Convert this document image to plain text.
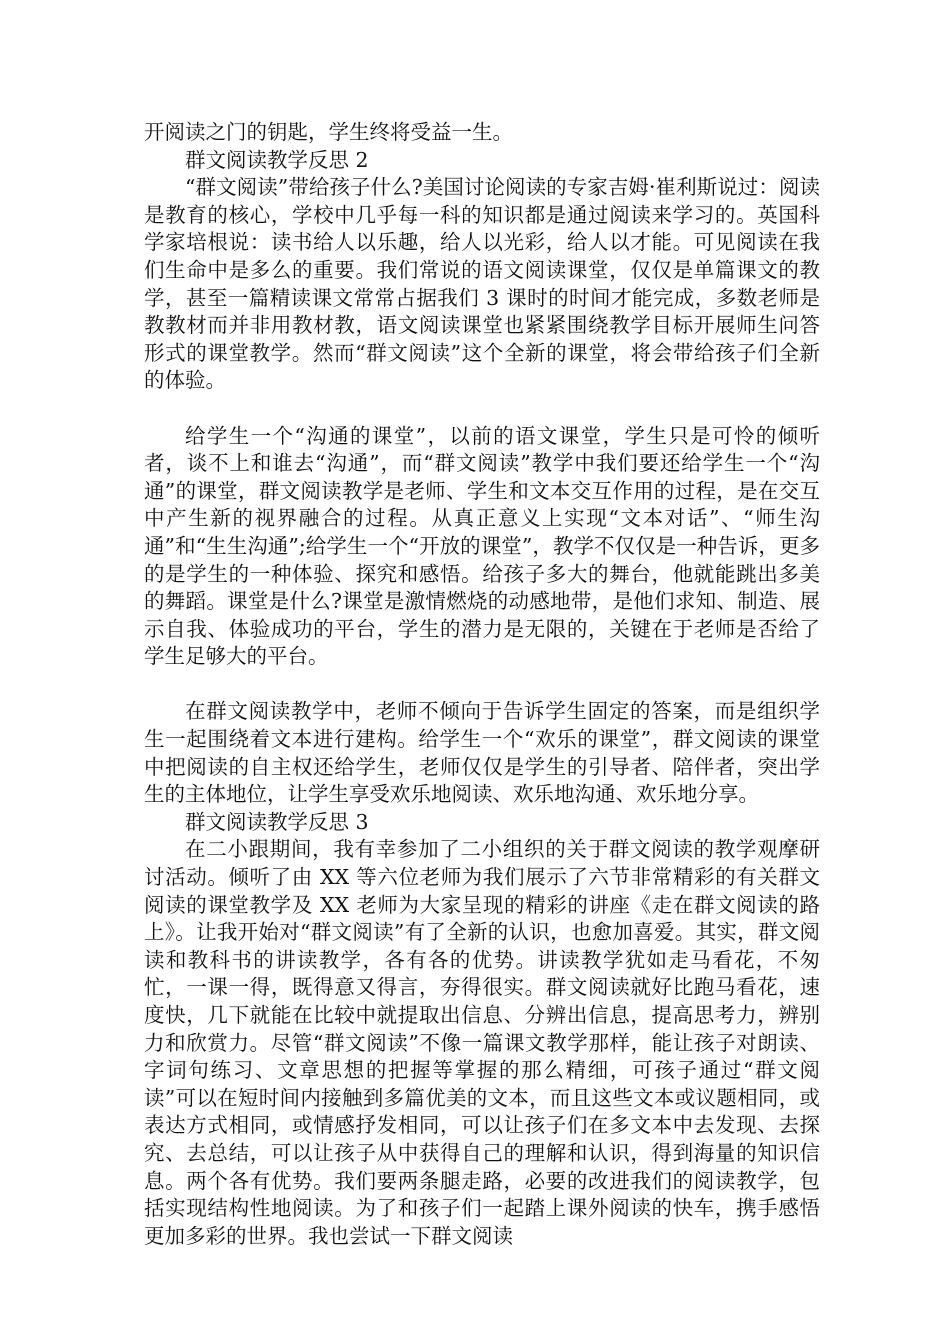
开阅读之门的钥匙，学生终将受益一生。

群文阅读教学反思 2

“群文阅读”带给孩子什么?美国讨论阅读的专家吉姆·崔利斯说过：阅读是教育的核心，学校中几乎每一科的知识都是通过阅读来学习的。英国科学家培根说：读书给人以乐趣，给人以光彩，给人以才能。可见阅读在我们生命中是多么的重要。我们常说的语文阅读课堂，仅仅是单篇课文的教学，甚至一篇精读课文常常占据我们 3 课时的时间才能完成，多数老师是教教材而并非用教材教，语文阅读课堂也紧紧围绕教学目标开展师生问答形式的课堂教学。然而“群文阅读”这个全新的课堂，将会带给孩子们全新的体验。

给学生一个“沟通的课堂”，以前的语文课堂，学生只是可怜的倾听者，谈不上和谁去“沟通”，而“群文阅读”教学中我们要还给学生一个“沟通”的课堂，群文阅读教学是老师、学生和文本交互作用的过程，是在交互中产生新的视界融合的过程。从真正意义上实现“文本对话”、“师生沟通”和“生生沟通”;给学生一个“开放的课堂”，教学不仅仅是一种告诉，更多的是学生的一种体验、探究和感悟。给孩子多大的舞台，他就能跳出多美的舞蹈。课堂是什么?课堂是激情燃烧的动感地带，是他们求知、制造、展示自我、体验成功的平台，学生的潜力是无限的，关键在于老师是否给了学生足够大的平台。

在群文阅读教学中，老师不倾向于告诉学生固定的答案，而是组织学生一起围绕着文本进行建构。给学生一个“欢乐的课堂”，群文阅读的课堂中把阅读的自主权还给学生，老师仅仅是学生的引导者、陪伴者，突出学生的主体地位，让学生享受欢乐地阅读、欢乐地沟通、欢乐地分享。

群文阅读教学反思 3

在二小跟期间，我有幸参加了二小组织的关于群文阅读的教学观摩研讨活动。倾听了由 XX 等六位老师为我们展示了六节非常精彩的有关群文阅读的课堂教学及 XX 老师为大家呈现的精彩的讲座《走在群文阅读的路上》。让我开始对“群文阅读”有了全新的认识，也愈加喜爱。其实，群文阅读和教科书的讲读教学，各有各的优势。讲读教学犹如走马看花，不匆忙，一课一得，既得意又得言，夯得很实。群文阅读就好比跑马看花，速度快，几下就能在比较中就提取出信息、分辨出信息，提高思考力，辨别力和欣赏力。尽管“群文阅读”不像一篇课文教学那样，能让孩子对朗读、字词句练习、文章思想的把握等掌握的那么精细，可孩子通过“群文阅读”可以在短时间内接触到多篇优美的文本，而且这些文本或议题相同，或表达方式相同，或情感抒发相同，可以让孩子们在多文本中去发现、去探究、去总结，可以让孩子从中获得自己的理解和认识，得到海量的知识信息。两个各有优势。我们要两条腿走路，必要的改进我们的阅读教学，包括实现结构性地阅读。为了和孩子们一起踏上课外阅读的快车，携手感悟更加多彩的世界。我也尝试一下群文阅读
